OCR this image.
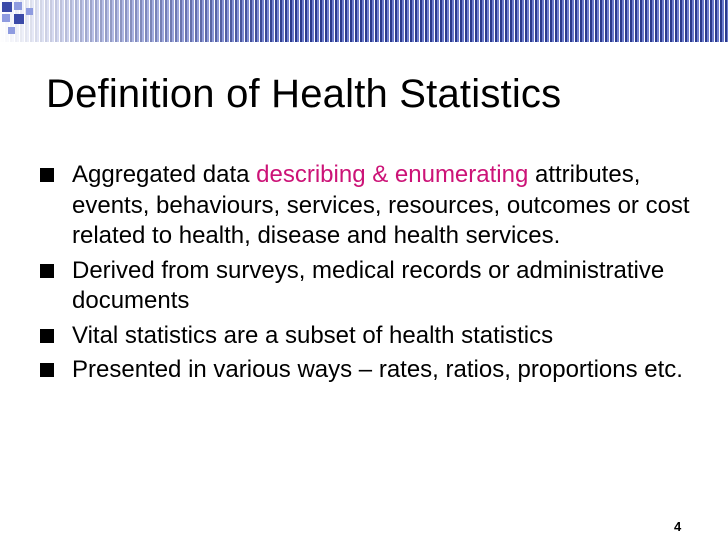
Definition of Health Statistics
Aggregated data describing & enumerating attributes, events, behaviours, services, resources, outcomes or cost related to health, disease and health services.
Derived from surveys, medical records or administrative documents
Vital statistics are a subset of health statistics
Presented in various ways – rates, ratios, proportions etc.
4
